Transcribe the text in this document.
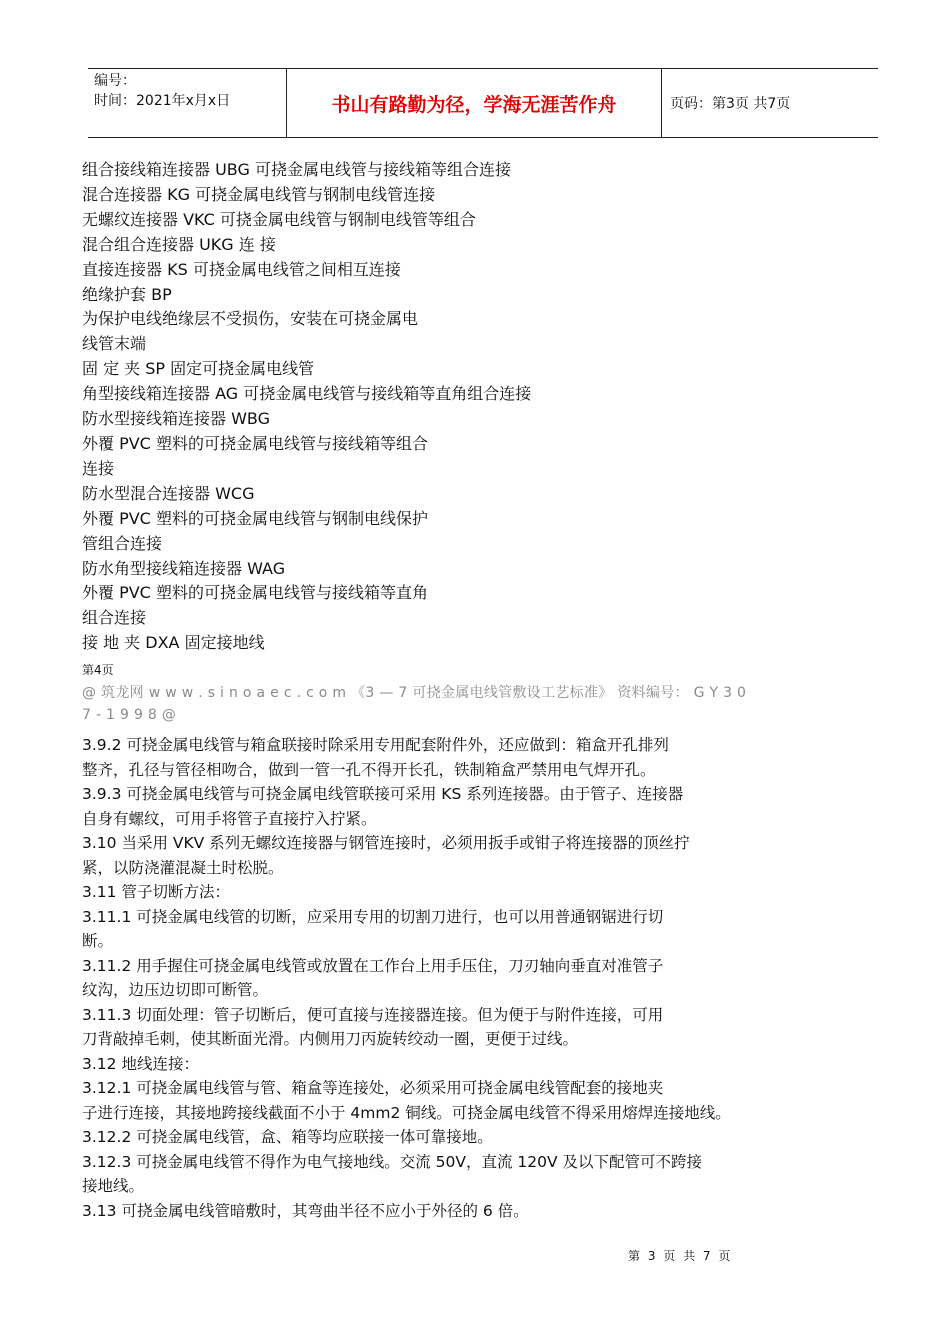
编号：
时间：2021年x月x日	书山有路勤为径，学海无涯苦作舟	页码：第3页 共7页
组合接线箱连接器 UBG 可挠金属电线管与接线箱等组合连接
混合连接器 KG 可挠金属电线管与钢制电线管连接
无螺纹连接器 VKC 可挠金属电线管与钢制电线管等组合
混合组合连接器 UKG 连 接
直接连接器 KS 可挠金属电线管之间相互连接
绝缘护套 BP
为保护电线绝缘层不受损伤，安装在可挠金属电
线管末端
固 定 夹 SP 固定可挠金属电线管
角型接线箱连接器 AG 可挠金属电线管与接线箱等直角组合连接
防水型接线箱连接器 WBG
外覆 PVC 塑料的可挠金属电线管与接线箱等组合
连接
防水型混合连接器 WCG
外覆 PVC 塑料的可挠金属电线管与钢制电线保护
管组合连接
防水角型接线箱连接器 WAG
外覆 PVC 塑料的可挠金属电线管与接线箱等直角
组合连接
接 地 夹 DXA 固定接地线
第4页
@ 筑龙网 w w w . s i n o a e c . c o m 《3 — 7 可挠金属电线管敷设工艺标准》 资料编号： G Y 3 0
7 - 1 9 9 8 @
3.9.2 可挠金属电线管与箱盒联接时除采用专用配套附件外，还应做到：箱盒开孔排列
整齐，孔径与管径相吻合，做到一管一孔不得开长孔，铁制箱盒严禁用电气焊开孔。
3.9.3 可挠金属电线管与可挠金属电线管联接可采用 KS 系列连接器。由于管子、连接器
自身有螺纹，可用手将管子直接拧入拧紧。
3.10 当采用 VKV 系列无螺纹连接器与钢管连接时，必须用扳手或钳子将连接器的顶丝拧
紧，以防浇灌混凝土时松脱。
3.11 管子切断方法：
3.11.1 可挠金属电线管的切断，应采用专用的切割刀进行，也可以用普通钢锯进行切
断。
3.11.2 用手握住可挠金属电线管或放置在工作台上用手压住，刀刃轴向垂直对准管子
纹沟，边压边切即可断管。
3.11.3 切面处理：管子切断后，便可直接与连接器连接。但为便于与附件连接，可用
刀背敲掉毛刺，使其断面光滑。内侧用刀丙旋转绞动一圈，更便于过线。
3.12 地线连接：
3.12.1 可挠金属电线管与管、箱盒等连接处，必须采用可挠金属电线管配套的接地夹
子进行连接，其接地跨接线截面不小于 4mm2 铜线。可挠金属电线管不得采用熔焊连接地线。
3.12.2 可挠金属电线管，盒、箱等均应联接一体可靠接地。
3.12.3 可挠金属电线管不得作为电气接地线。交流 50V，直流 120V 及以下配管可不跨接
接地线。
3.13 可挠金属电线管暗敷时，其弯曲半径不应小于外径的 6 倍。
第 3 页 共 7 页
